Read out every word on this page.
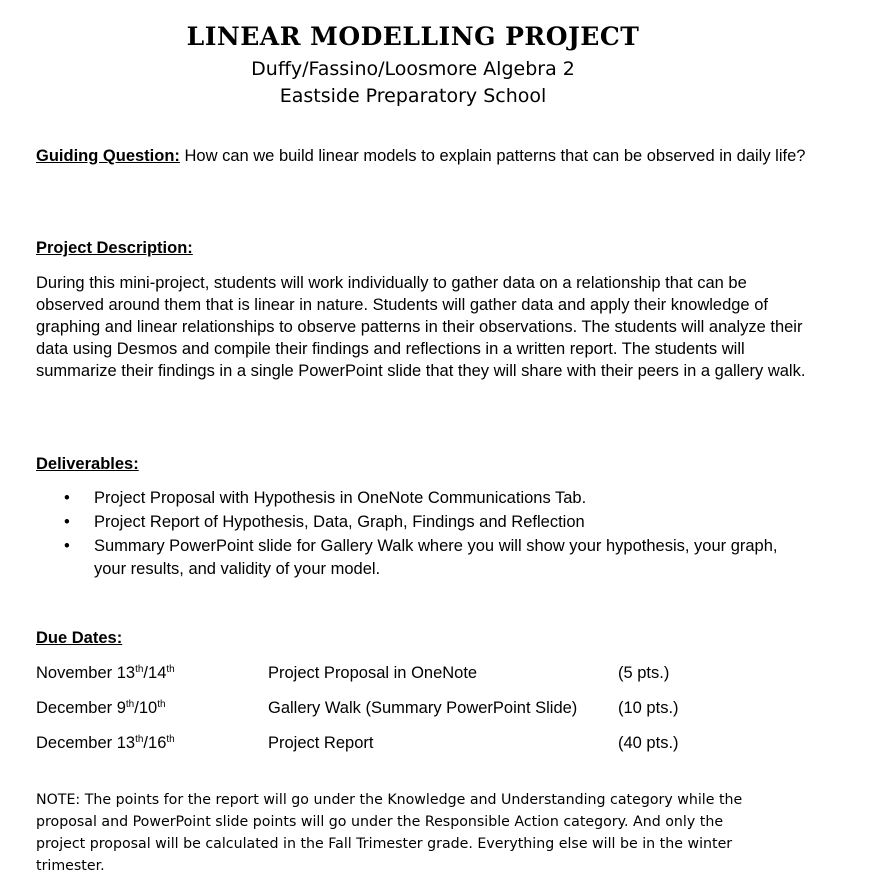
LINEAR MODELLING PROJECT
Duffy/Fassino/Loosmore Algebra 2
Eastside Preparatory School
Guiding Question: How can we build linear models to explain patterns that can be observed in daily life?
Project Description:
During this mini-project, students will work individually to gather data on a relationship that can be observed around them that is linear in nature. Students will gather data and apply their knowledge of graphing and linear relationships to observe patterns in their observations. The students will analyze their data using Desmos and compile their findings and reflections in a written report. The students will summarize their findings in a single PowerPoint slide that they will share with their peers in a gallery walk.
Deliverables:
• Project Proposal with Hypothesis in OneNote Communications Tab.
• Project Report of Hypothesis, Data, Graph, Findings and Reflection
• Summary PowerPoint slide for Gallery Walk where you will show your hypothesis, your graph, your results, and validity of your model.
Due Dates:
November 13th/14th	Project Proposal in OneNote	(5 pts.)
December 9th/10th	Gallery Walk (Summary PowerPoint Slide) (10 pts.)
December 13th/16th	Project Report	(40 pts.)
NOTE: The points for the report will go under the Knowledge and Understanding category while the proposal and PowerPoint slide points will go under the Responsible Action category. And only the project proposal will be calculated in the Fall Trimester grade. Everything else will be in the winter trimester.
